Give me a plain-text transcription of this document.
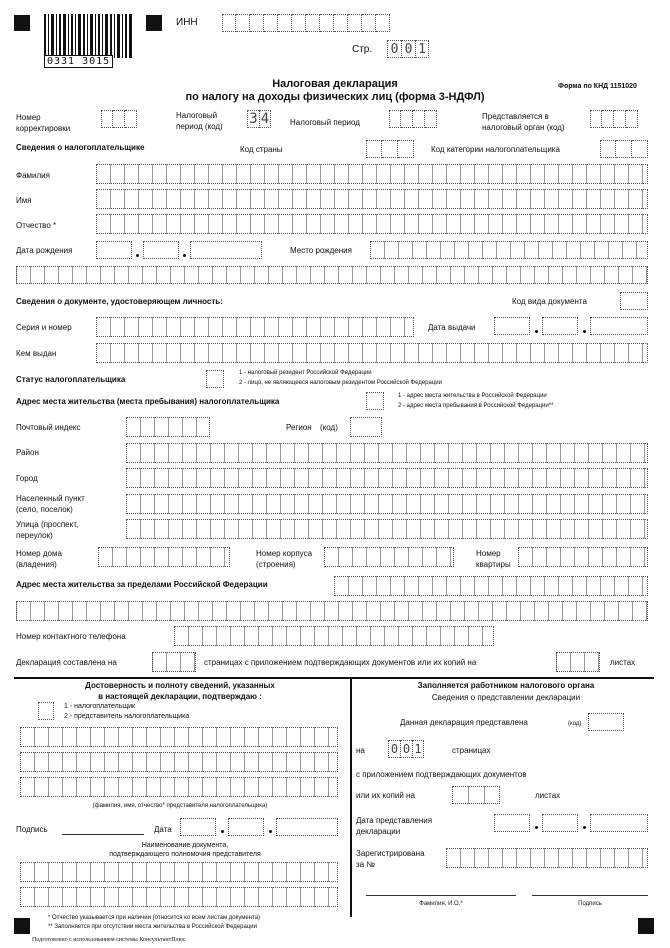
0331 3015
ИНН
Стр. 0 0 1
Налоговая декларация
по налогу на доходы физических лиц (форма 3-НДФЛ)
Форма по КНД 1151020
Номер
корректировки
Налоговый
период (код) 3 4	Налоговый период
Представляется в
налоговый орган (код)
Сведения о налогоплательщике	Код страны	Код категории налогоплательщика
Фамилия
Имя
Отчество *
Дата рождения	Место рождения
Сведения о документе, удостоверяющем личность:	Код вида документа
Серия и номер	Дата выдачи
Кем выдан
Статус налогоплательщика
1 - налоговый резидент Российской Федерации
2 - лицо, не являющееся налоговым резидентом Российской Федерации
Адрес места жительства (места пребывания) налогоплательщика
1 - адрес места жительства в Российской Федерации
2 - адрес места пребывания в Российской Федерации**
Почтовый индекс	Регион (код)
Район
Город
Населенный пункт
(село, поселок)
Улица (проспект,
переулок)
Номер дома
(владения)
Номер корпуса
(строения)
Номер
квартиры
Адрес места жительства за пределами Российской Федерации
Номер контактного телефона
Декларация составлена на	страницах с приложением подтверждающих документов или их копий на	листах
Достоверность и полноту сведений, указанных
в настоящей декларации, подтверждаю :
1 - налогоплательщик
2 - представитель налогоплательщика
(фамилия, имя, отчество* представителя налогоплательщика)
Подпись	Дата
Наименование документа,
подтверждающего полномочия представителя
Заполняется работником налогового органа
Сведения о представлении декларации
Данная декларация представлена	(код)
на 0 0 1	страницах
с приложением подтверждающих документов
или их копий на	листах
Дата представления
декларации
Зарегистрирована
за №
Фамилия, И.О.*	Подпись
* Отчество указывается при наличии (относится ко всем листам документа)
** Заполняется при отсутствии места жительства в Российской Федерации
Подготовлено с использованием системы КонсультантПлюс
